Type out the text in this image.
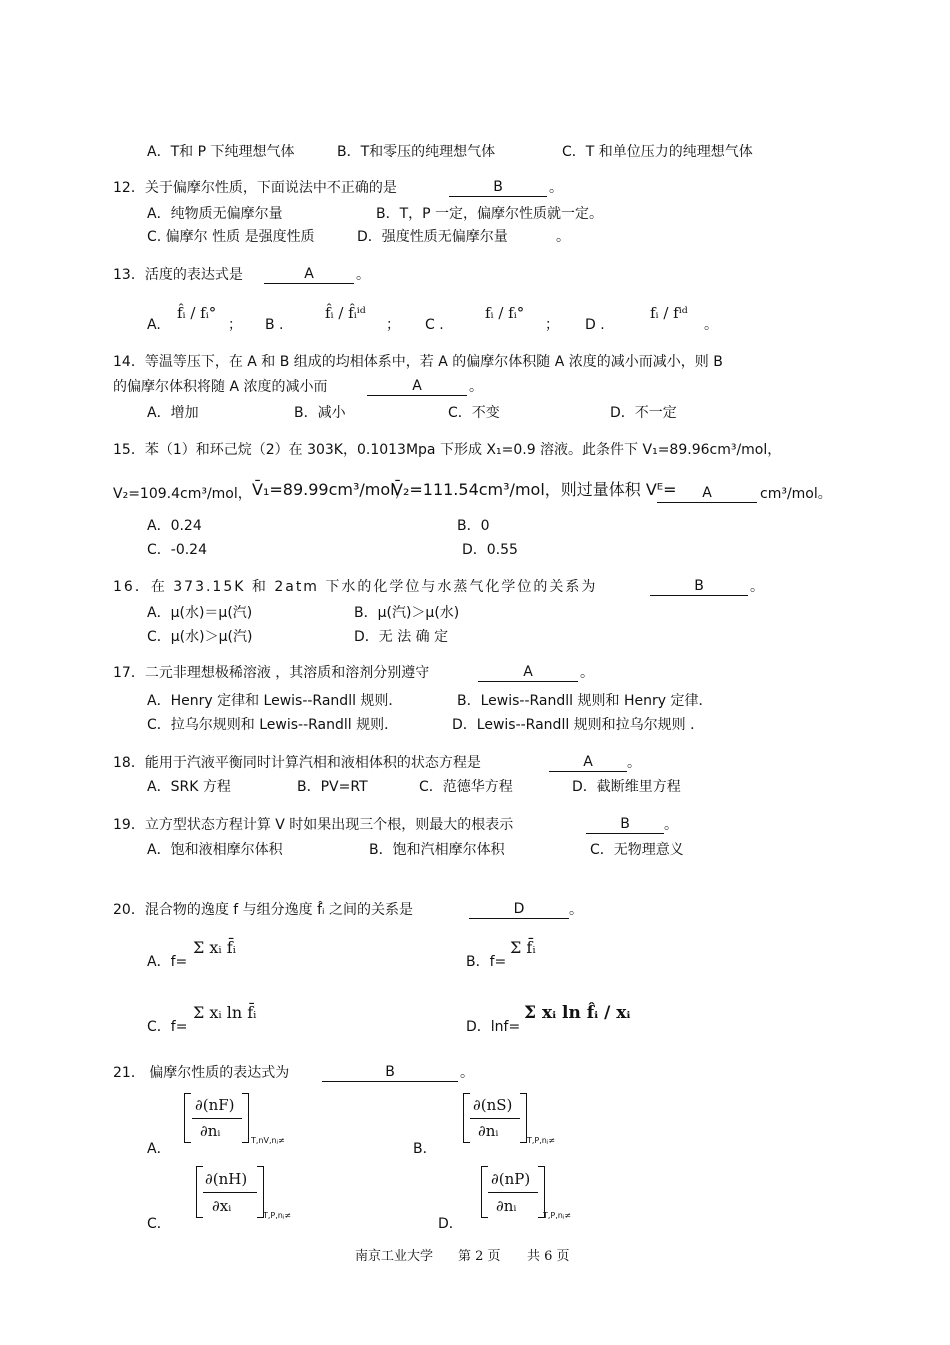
A．T和 P 下纯理想气体	B．T和零压的纯理想气体	C．T 和单位压力的纯理想气体
12．关于偏摩尔性质，下面说法中不正确的是	B	。
A．纯物质无偏摩尔量	B．T，P 一定，偏摩尔性质就一定。
C. 偏摩尔 性质 是强度性质	D．强度性质无偏摩尔量	。
13．活度的表达式是	A	。
A.
f̂ᵢ / fᵢ°
； B .
f̂ᵢ / f̂ᵢⁱᵈ
； C .
fᵢ / fᵢ°
； D .
fᵢ / fⁱᵈ
。
14．等温等压下，在 A 和 B 组成的均相体系中，若 A 的偏摩尔体积随 A 浓度的减小而减小，则 B
的偏摩尔体积将随 A 浓度的减小而	A	。
A．增加	B．减小	C．不变	D．不一定
15．苯（1）和环己烷（2）在 303K，0.1013Mpa 下形成 X₁=0.9 溶液。此条件下 V₁=89.96cm³/mol，
V₂=109.4cm³/mol， V̄₁=89.99cm³/mol，
V̄₂=111.54cm³/mol，则过量体积 Vᴱ=	A	cm³/mol。
A．0.24	B．0
C．-0.24	D．0.55
16．在 373.15K 和 2atm 下水的化学位与水蒸气化学位的关系为	B	。
A．μ(水)＝μ(汽)	B．μ(汽)＞μ(水)
C．μ(水)＞μ(汽)	D．无 法 确 定
17．二元非理想极稀溶液 ，其溶质和溶剂分别遵守	A	。
A．Henry 定律和 Lewis--Randll 规则．	B．Lewis--Randll 规则和 Henry 定律．
C．拉乌尔规则和 Lewis--Randll 规则．	D．Lewis--Randll 规则和拉乌尔规则 ．
18．能用于汽液平衡同时计算汽相和液相体积的状态方程是	A	。
A．SRK 方程	B．PV=RT	C．范德华方程	D．截断维里方程
19．立方型状态方程计算 V 时如果出现三个根，则最大的根表示	B	。
A．饱和液相摩尔体积	B．饱和汽相摩尔体积	C．无物理意义
20．混合物的逸度 f 与组分逸度 f̂ᵢ 之间的关系是	D	。
A．f=
Σ xᵢ f̄ᵢ
B．f=
Σ f̄ᵢ
C．f=
Σ xᵢ ln f̄ᵢ
D．lnf=
Σ xᵢ ln f̂ᵢ / xᵢ
21． 偏摩尔性质的表达式为	B	。
A．
∂(nF)
∂nᵢ
T,nV,nⱼ≠
B．
∂(nS)
∂nᵢ
T,P,nⱼ≠
C．
∂(nH)
∂xᵢ
T,P,nⱼ≠
D．
∂(nP)
∂nᵢ
T,P,nⱼ≠
南京工业大学 第 2 页 共 6 页
